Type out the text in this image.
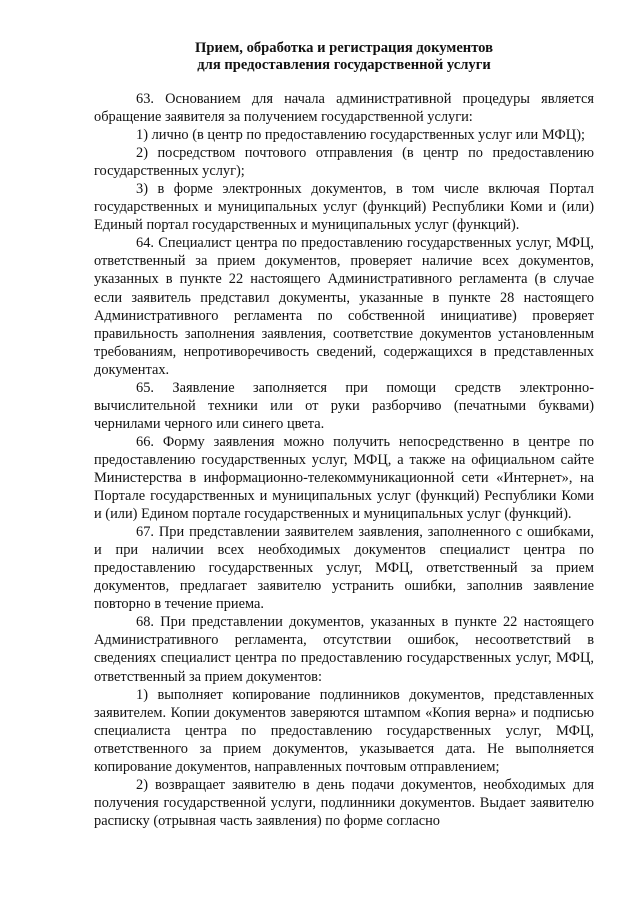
Прием, обработка и регистрация документов
для предоставления государственной услуги

63. Основанием для начала административной процедуры является обращение заявителя за получением государственной услуги:

1) лично (в центр по предоставлению государственных услуг или МФЦ);

2) посредством почтового отправления (в центр по предоставлению государственных услуг);

3) в форме электронных документов, в том числе включая Портал государственных и муниципальных услуг (функций) Республики Коми и (или) Единый портал государственных и муниципальных услуг (функций).

64. Специалист центра по предоставлению государственных услуг, МФЦ, ответственный за прием документов, проверяет наличие всех документов, указанных в пункте 22 настоящего Административного регламента (в случае если заявитель представил документы, указанные в пункте 28 настоящего Административного регламента по собственной инициативе) проверяет правильность заполнения заявления, соответствие документов установленным требованиям, непротиворечивость сведений, содержащихся в представленных документах.

65. Заявление заполняется при помощи средств электронно-вычислительной техники или от руки разборчиво (печатными буквами) чернилами черного или синего цвета.

66. Форму заявления можно получить непосредственно в центре по предоставлению государственных услуг, МФЦ, а также на официальном сайте Министерства в информационно-телекоммуникационной сети «Интернет», на Портале государственных и муниципальных услуг (функций) Республики Коми и (или) Едином портале государственных и муниципальных услуг (функций).

67. При представлении заявителем заявления, заполненного с ошибками, и при наличии всех необходимых документов специалист центра по предоставлению государственных услуг, МФЦ, ответственный за прием документов, предлагает заявителю устранить ошибки, заполнив заявление повторно в течение приема.

68. При представлении документов, указанных в пункте 22 настоящего Административного регламента, отсутствии ошибок, несоответствий в сведениях специалист центра по предоставлению государственных услуг, МФЦ, ответственный за прием документов:

1) выполняет копирование подлинников документов, представленных заявителем. Копии документов заверяются штампом «Копия верна» и подписью специалиста центра по предоставлению государственных услуг, МФЦ, ответственного за прием документов, указывается дата. Не выполняется копирование документов, направленных почтовым отправлением;

2) возвращает заявителю в день подачи документов, необходимых для получения государственной услуги, подлинники документов. Выдает заявителю расписку (отрывная часть заявления) по форме согласно
